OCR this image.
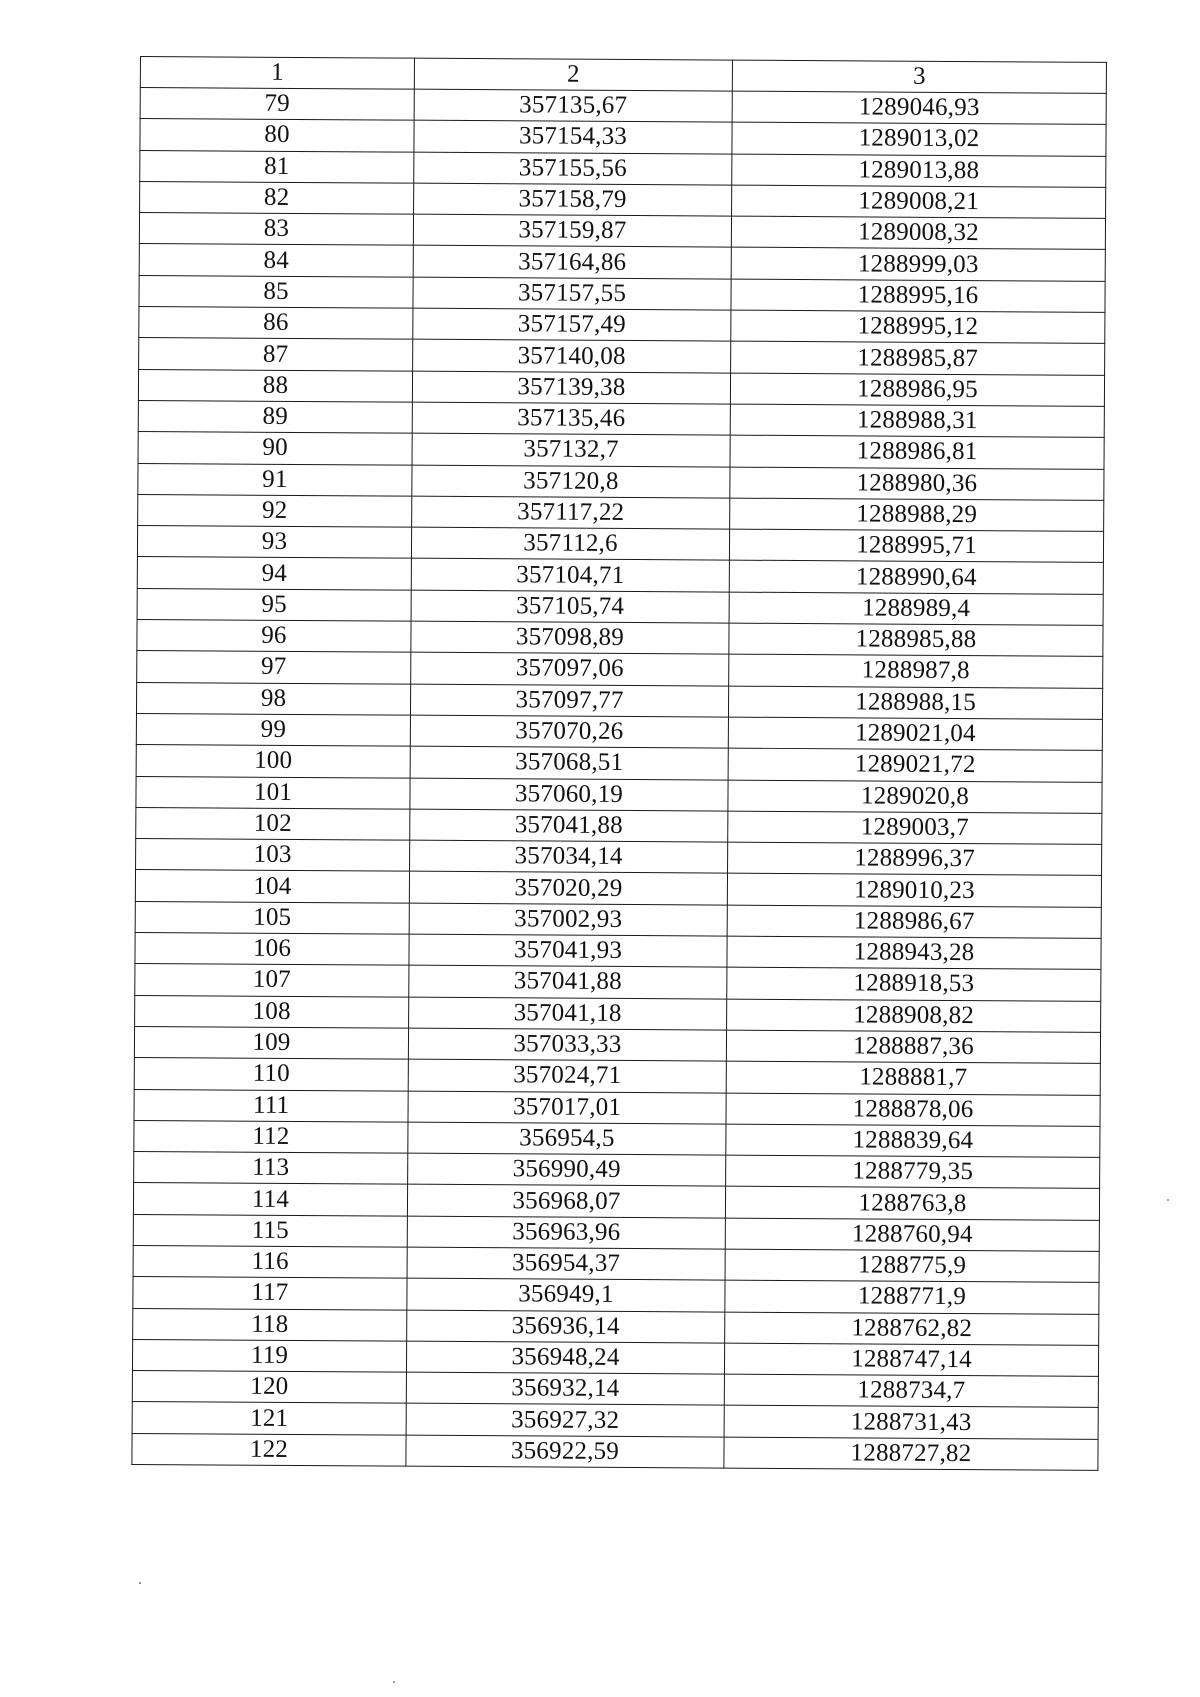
1	2	3
79	357135,67	1289046,93
80	357154,33	1289013,02
81	357155,56	1289013,88
82	357158,79	1289008,21
83	357159,87	1289008,32
84	357164,86	1288999,03
85	357157,55	1288995,16
86	357157,49	1288995,12
87	357140,08	1288985,87
88	357139,38	1288986,95
89	357135,46	1288988,31
90	357132,7	1288986,81
91	357120,8	1288980,36
92	357117,22	1288988,29
93	357112,6	1288995,71
94	357104,71	1288990,64
95	357105,74	1288989,4
96	357098,89	1288985,88
97	357097,06	1288987,8
98	357097,77	1288988,15
99	357070,26	1289021,04
100	357068,51	1289021,72
101	357060,19	1289020,8
102	357041,88	1289003,7
103	357034,14	1288996,37
104	357020,29	1289010,23
105	357002,93	1288986,67
106	357041,93	1288943,28
107	357041,88	1288918,53
108	357041,18	1288908,82
109	357033,33	1288887,36
110	357024,71	1288881,7
111	357017,01	1288878,06
112	356954,5	1288839,64
113	356990,49	1288779,35
114	356968,07	1288763,8
115	356963,96	1288760,94
116	356954,37	1288775,9
117	356949,1	1288771,9
118	356936,14	1288762,82
119	356948,24	1288747,14
120	356932,14	1288734,7
121	356927,32	1288731,43
122	356922,59	1288727,82
